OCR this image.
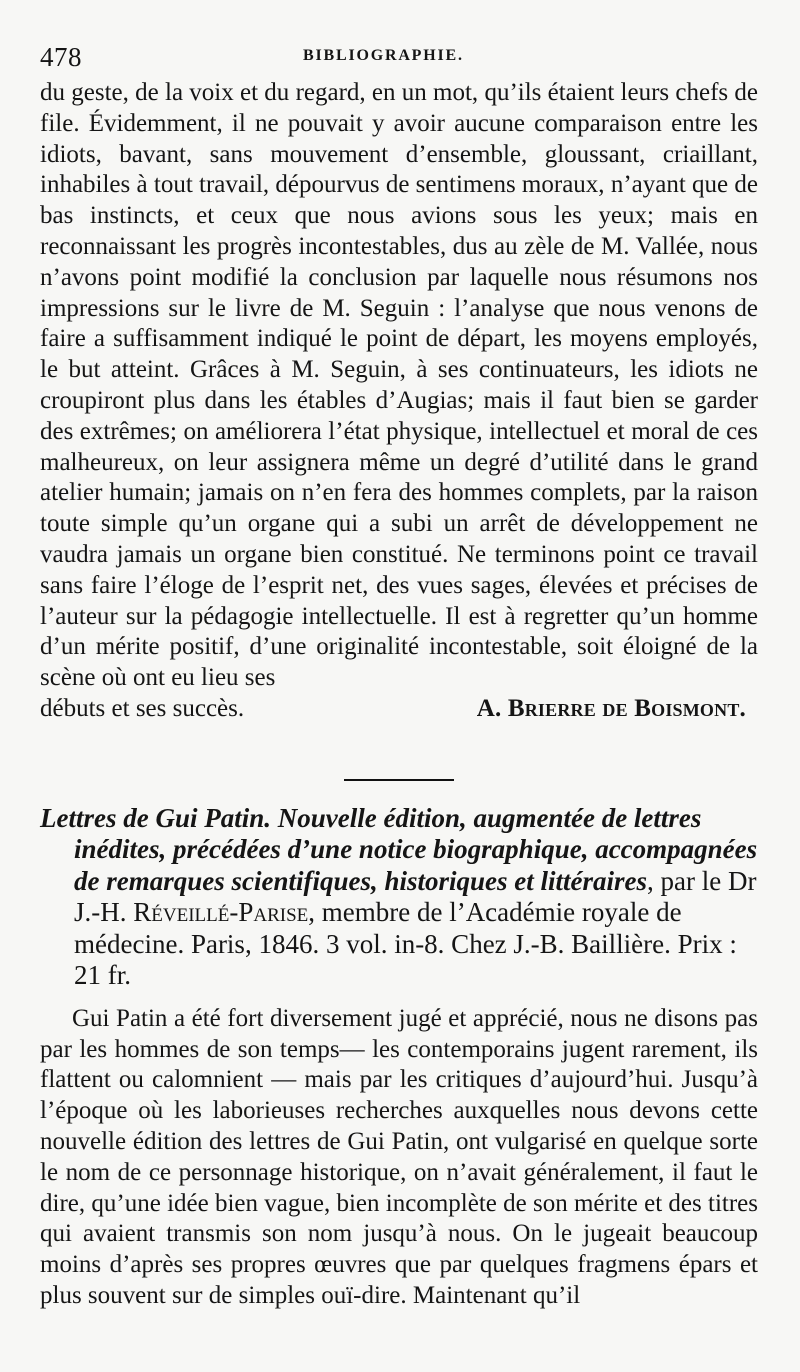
478	BIBLIOGRAPHIE.

du geste, de la voix et du regard, en un mot, qu’ils étaient leurs chefs de file. Évidemment, il ne pouvait y avoir aucune comparaison entre les idiots, bavant, sans mouvement d’ensemble, gloussant, criaillant, inhabiles à tout travail, dépourvus de sentimens moraux, n’ayant que de bas instincts, et ceux que nous avions sous les yeux; mais en reconnaissant les progrès incontestables, dus au zèle de M. Vallée, nous n’avons point modifié la conclusion par laquelle nous résumons nos impressions sur le livre de M. Seguin : l’analyse que nous venons de faire a suffisamment indiqué le point de départ, les moyens employés, le but atteint. Grâces à M. Seguin, à ses continuateurs, les idiots ne croupiront plus dans les étables d’Augias; mais il faut bien se garder des extrêmes; on améliorera l’état physique, intellectuel et moral de ces malheureux, on leur assignera même un degré d’utilité dans le grand atelier humain; jamais on n’en fera des hommes complets, par la raison toute simple qu’un organe qui a subi un arrêt de développement ne vaudra jamais un organe bien constitué. Ne terminons point ce travail sans faire l’éloge de l’esprit net, des vues sages, élevées et précises de l’auteur sur la pédagogie intellectuelle. Il est à regretter qu’un homme d’un mérite positif, d’une originalité incontestable, soit éloigné de la scène où ont eu lieu ses

débuts et ses succès.	A. Brierre de Boismont.

Lettres de Gui Patin. Nouvelle édition, augmentée de lettres inédites, précédées d’une notice biographique, accompagnées de remarques scientifiques, historiques et littéraires, par le Dr J.-H. Réveillé-Parise, membre de l’Académie royale de médecine. Paris, 1846. 3 vol. in-8. Chez J.-B. Baillière. Prix : 21 fr.

Gui Patin a été fort diversement jugé et apprécié, nous ne disons pas par les hommes de son temps— les contemporains jugent rarement, ils flattent ou calomnient — mais par les critiques d’aujourd’hui. Jusqu’à l’époque où les laborieuses recherches auxquelles nous devons cette nouvelle édition des lettres de Gui Patin, ont vulgarisé en quelque sorte le nom de ce personnage historique, on n’avait généralement, il faut le dire, qu’une idée bien vague, bien incomplète de son mérite et des titres qui avaient transmis son nom jusqu’à nous. On le jugeait beaucoup moins d’après ses propres œuvres que par quelques fragmens épars et plus souvent sur de simples ouï-dire. Maintenant qu’il
